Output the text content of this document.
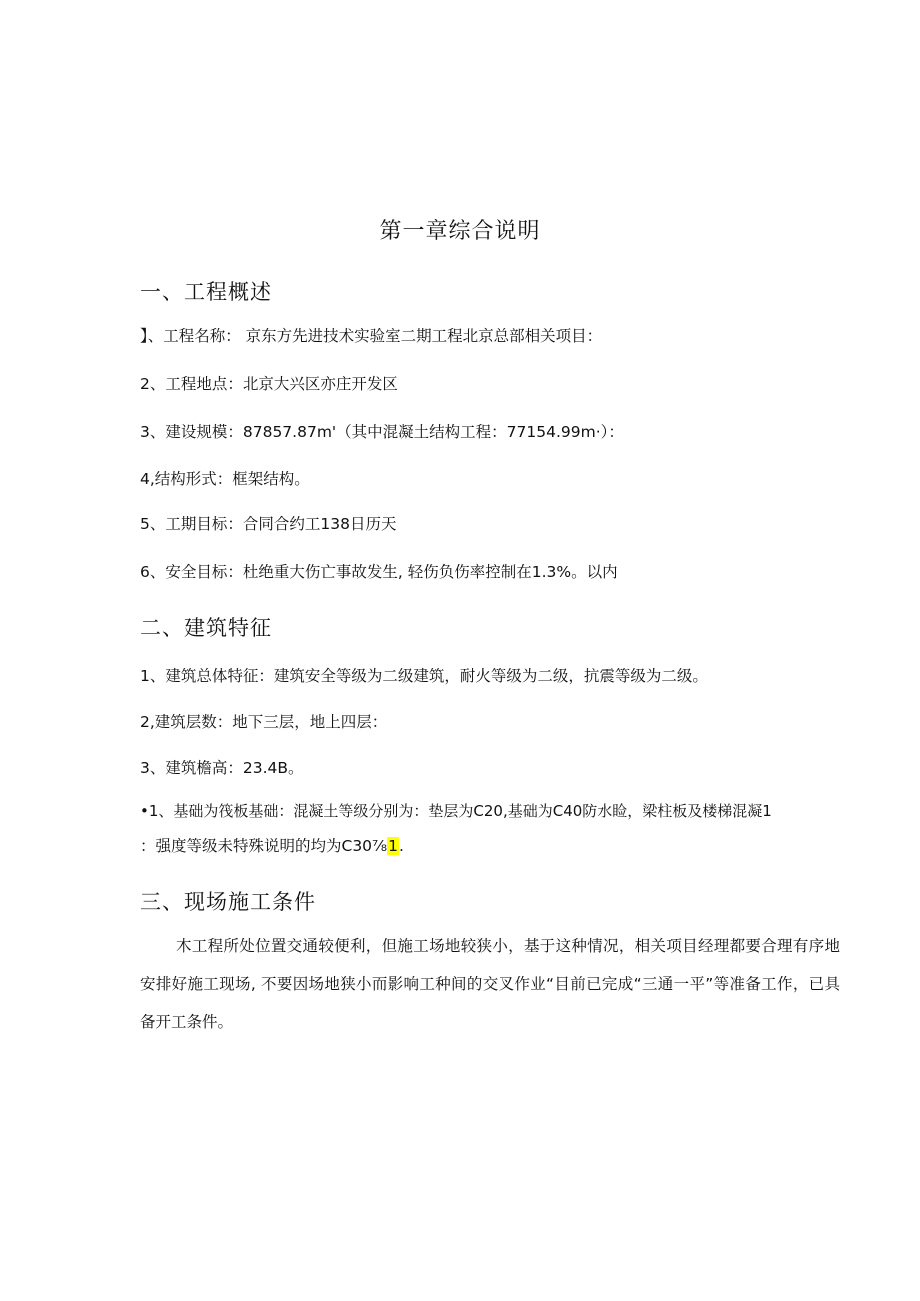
第一章综合说明
一、工程概述
】、工程名称： 京东方先进技术实验室二期工程北京总部相关项目：
2、工程地点：北京大兴区亦庄开发区
3、建设规模：87857.87m'（其中混凝土结构工程：77154.99m·）：
4,结构形式：框架结构。
5、工期目标：合同合约工138日历天
6、安全目标：杜绝重大伤亡事故发生, 轻伤负伤率控制在1.3%。以内
二、建筑特征
1、建筑总体特征：建筑安全等级为二级建筑，耐火等级为二级，抗震等级为二级。
2,建筑层数：地下三层，地上四层：
3、建筑檐高：23.4B。
•1、基础为筏板基础：混凝土等级分别为：垫层为C20,基础为C40防水睑，梁柱板及楼梯混凝1
：强度等级未特殊说明的均为C30⅞1.
三、现场施工条件
木工程所处位置交通较便利，但施工场地较狭小，基于这种情况，相关项目经理都要合理有序地安排好施工现场, 不要因场地狭小而影响工种间的交叉作业“目前已完成“三通一平”等准备工作，已具备开工条件。
